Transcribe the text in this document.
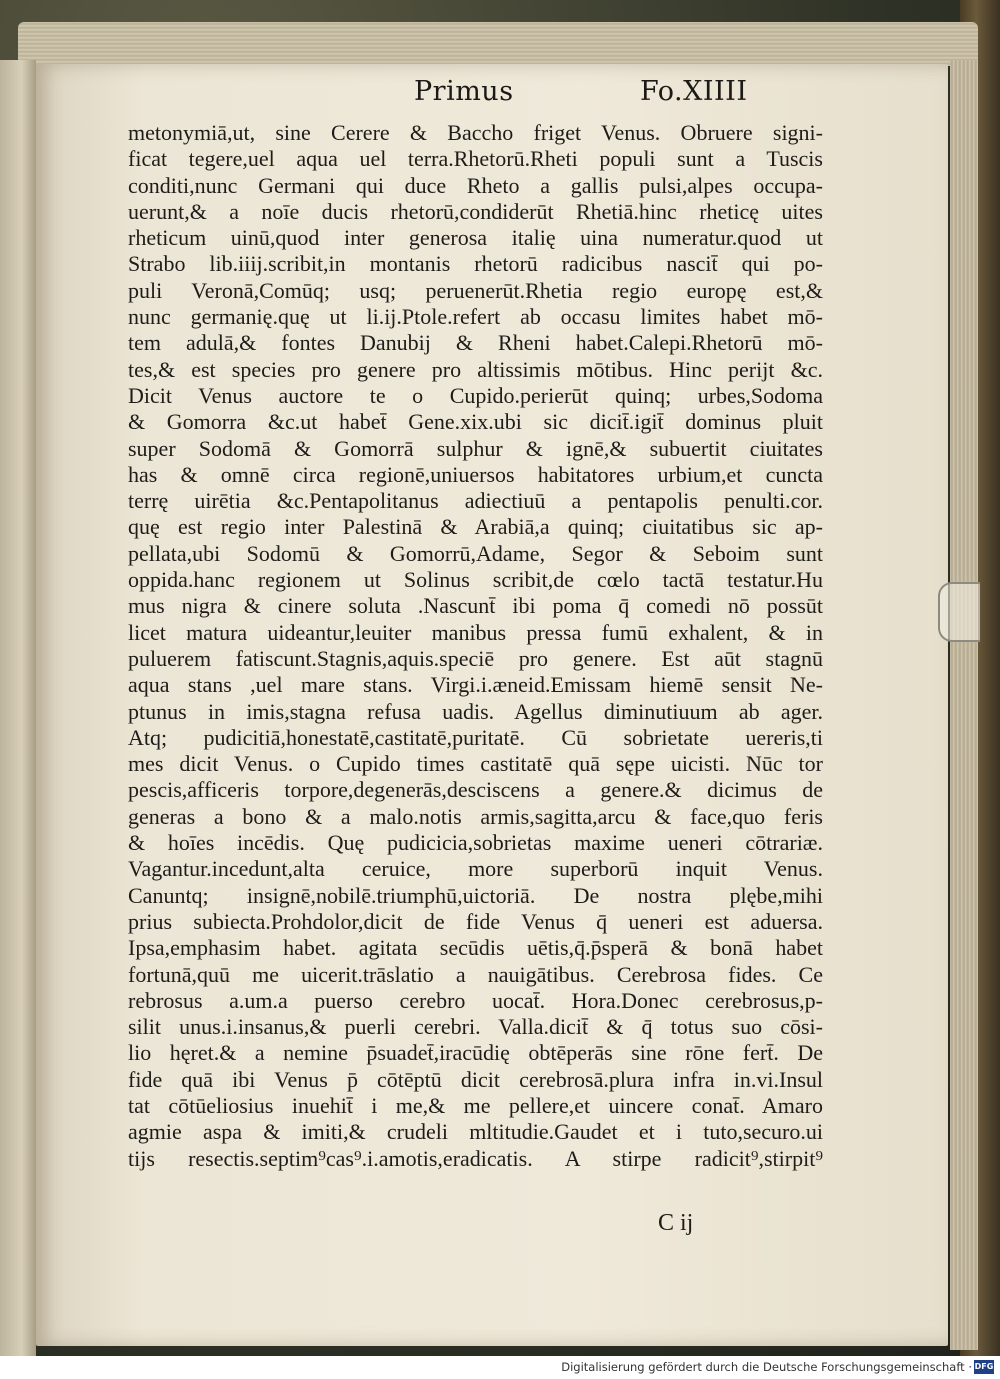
Primus	Fo.XIIII
metonymiā,ut, sine Cerere & Baccho friget Venus. Obruere signi-
ficat tegere,uel aqua uel terra.Rhetorū.Rheti populi sunt a Tuscis
conditi,nunc Germani qui duce Rheto a gallis pulsi,alpes occupa-
uerunt,& a noīe ducis rhetorū,condiderūt Rhetiā.hinc rheticę uites
rheticum uinū,quod inter generosa italię uina numeratur.quod ut
Strabo lib.iiij.scribit,in montanis rhetorū radicibus nascit̄ qui po-
puli Veronā,Comūq; usq; peruenerūt.Rhetia regio europę est,&
nunc germanię.quę ut li.ij.Ptole.refert ab occasu limites habet mō-
tem adulā,& fontes Danubij & Rheni habet.Calepi.Rhetorū mō-
tes,& est species pro genere pro altissimis mōtibus. Hinc perijt &c.
Dicit Venus auctore te o Cupido.perierūt quinq; urbes,Sodoma
& Gomorra &c.ut habet̄ Gene.xix.ubi sic dicit̄.igit̄ dominus pluit
super Sodomā & Gomorrā sulphur & ignē,& subuertit ciuitates
has & omnē circa regionē,uniuersos habitatores urbium,et cuncta
terrę uirētia &c.Pentapolitanus adiectiuū a pentapolis penulti.cor.
quę est regio inter Palestinā & Arabiā,a quinq; ciuitatibus sic ap-
pellata,ubi Sodomū & Gomorrū,Adame, Segor & Seboim sunt
oppida.hanc regionem ut Solinus scribit,de cœlo tactā testatur.Hu
mus nigra & cinere soluta .Nascunt̄ ibi poma q̄ comedi nō possūt
licet matura uideantur,leuiter manibus pressa fumū exhalent, & in
puluerem fatiscunt.Stagnis,aquis.speciē pro genere. Est aūt stagnū
aqua stans ,uel mare stans. Virgi.i.æneid.Emissam hiemē sensit Ne-
ptunus in imis,stagna refusa uadis. Agellus diminutiuum ab ager.
Atq; pudicitiā,honestatē,castitatē,puritatē. Cū sobrietate uereris,ti
mes dicit Venus. o Cupido times castitatē quā sępe uicisti. Nūc tor
pescis,afficeris torpore,degenerās,desciscens a genere.& dicimus de
generas a bono & a malo.notis armis,sagitta,arcu & face,quo feris
& hoīes incēdis. Quę pudicicia,sobrietas maxime ueneri cōtrariæ.
Vagantur.incedunt,alta ceruice, more superborū inquit Venus.
Canuntq; insignē,nobilē.triumphū,uictoriā. De nostra plębe,mihi
prius subiecta.Prohdolor,dicit de fide Venus q̄ ueneri est aduersa.
Ipsa,emphasim habet. agitata secūdis uētis,q̄.p̄sperā & bonā habet
fortunā,quū me uicerit.trāslatio a nauigātibus. Cerebrosa fides. Ce
rebrosus a.um.a puerso cerebro uocat̄. Hora.Donec cerebrosus,p-
silit unus.i.insanus,& puerli cerebri. Valla.dicit̄ & q̄ totus suo cōsi-
lio hęret.& a nemine p̄suadet̄,iracūdię obtēperās sine rōne fert̄. De
fide quā ibi Venus p̄ cōtēptū dicit cerebrosā.plura infra in.vi.Insul
tat cōtūeliosius inuehit̄ i me,& me pellere,et uincere conat̄. Amaro
agmie aspa & imiti,& crudeli mltitudie.Gaudet et i tuto,securo.ui
tijs resectis.septim⁹cas⁹.i.amotis,eradicatis. A stirpe radicit⁹,stirpit⁹
C ij
Digitalisierung gefördert durch die Deutsche Forschungsgemeinschaft · DFG
